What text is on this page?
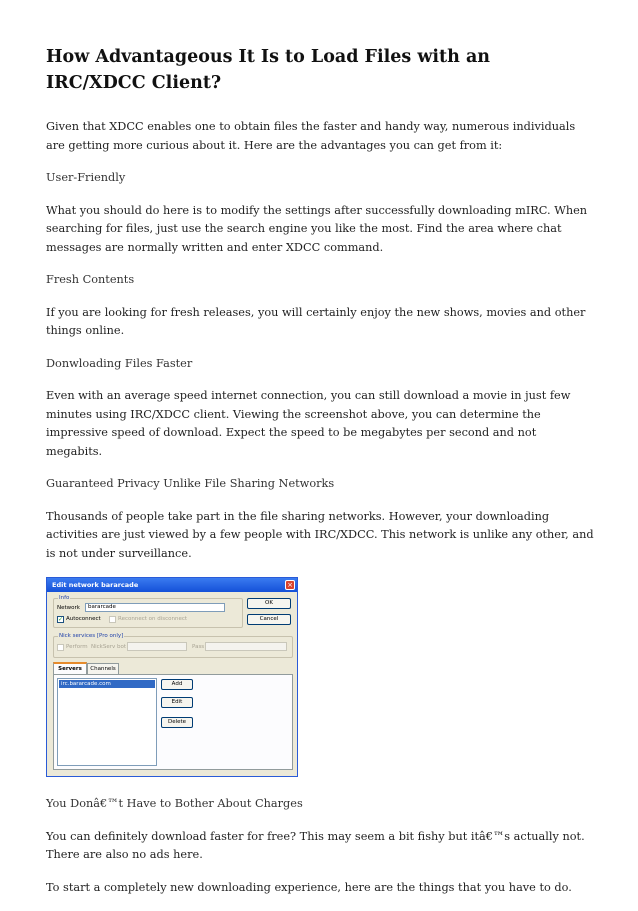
How Advantageous It Is to Load Files with an IRC/XDCC Client?

Given that XDCC enables one to obtain files the faster and handy way, numerous individuals are getting more curious about it. Here are the advantages you can get from it:

User-Friendly

What you should do here is to modify the settings after successfully downloading mIRC. When searching for files, just use the search engine you like the most. Find the area where chat messages are normally written and enter XDCC command.

Fresh Contents

If you are looking for fresh releases, you will certainly enjoy the new shows, movies and other things online.

Donwloading Files Faster

Even with an average speed internet connection, you can still download a movie in just few minutes using IRC/XDCC client. Viewing the screenshot above, you can determine the impressive speed of download. Expect the speed to be megabytes per second and not megabits.

Guaranteed Privacy Unlike File Sharing Networks

Thousands of people take part in the file sharing networks. However, your downloading activities are just viewed by a few people with IRC/XDCC. This network is unlike any other, and is not under surveillance.

Edit network bararcade	×
Info
Network	bararcade
✓ Autoconnect	Reconnect on disconnect
OK
Cancel
Nick services [Pro only]
Perform NickServ bot	Pass
Servers	Channels
irc.bararcade.com	Add
Edit
Delete

You Donâ€™t Have to Bother About Charges

You can definitely download faster for free? This may seem a bit fishy but itâ€™s actually not. There are also no ads here.

To start a completely new downloading experience, here are the things that you have to do.
